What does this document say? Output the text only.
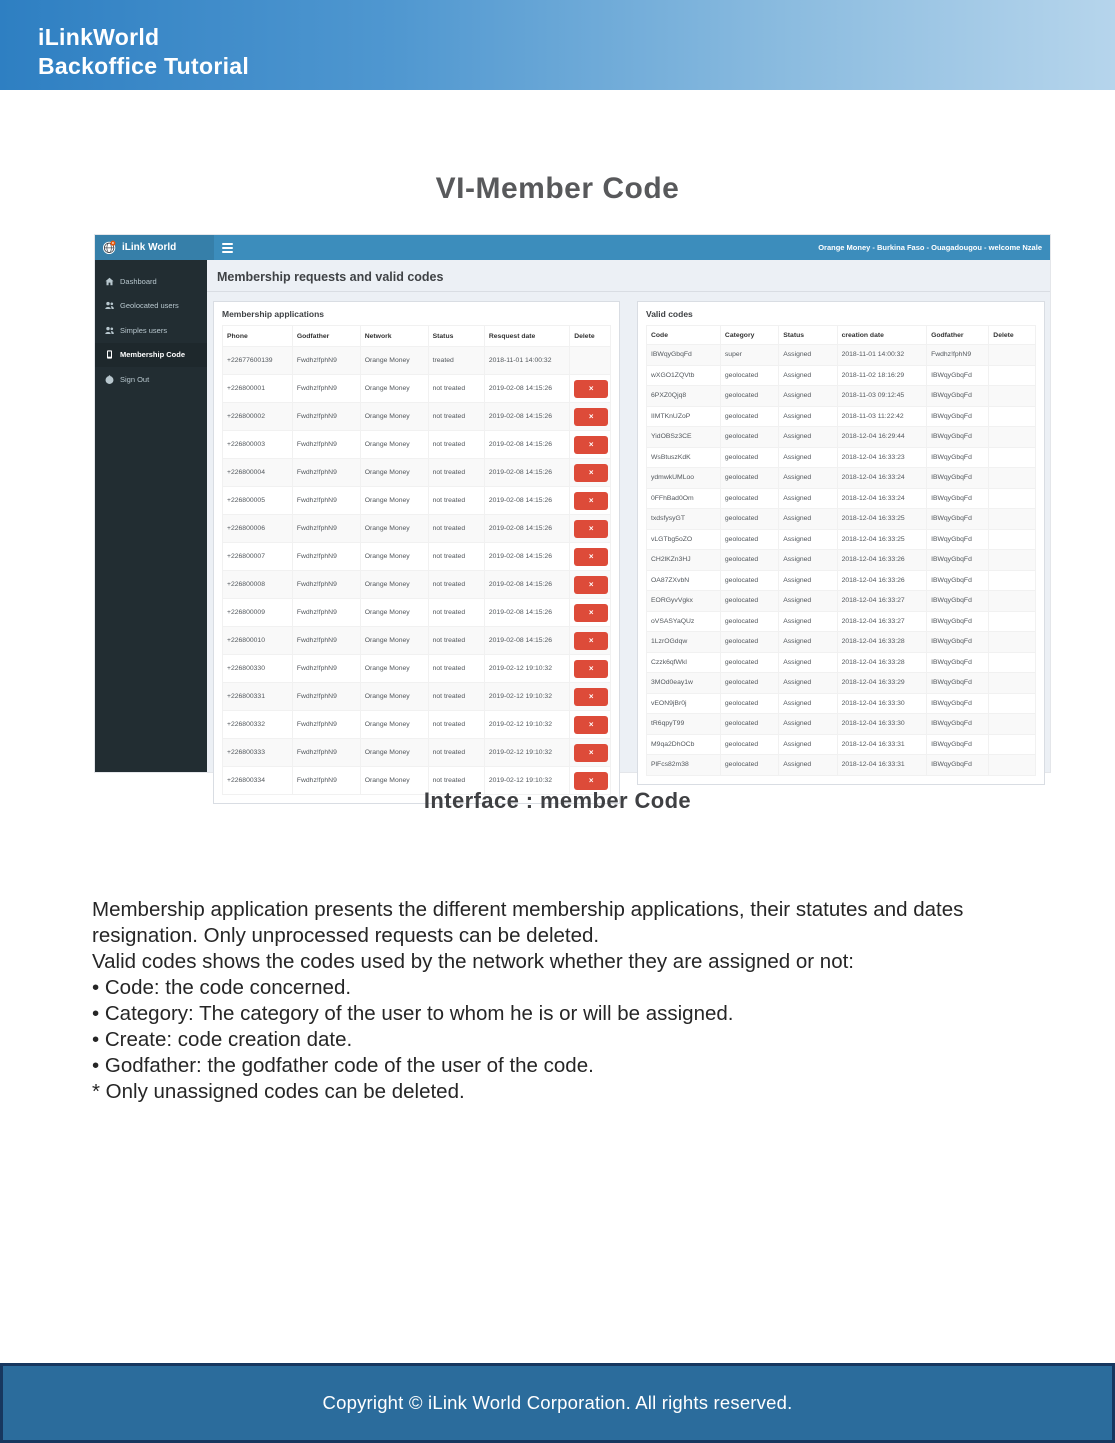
iLinkWorld
Backoffice Tutorial
VI-Member Code
iLink World	Orange Money - Burkina Faso - Ouagadougou - welcome Nzale
Dashboard
Geolocated users
Simples users
Membership Code
Sign Out
Membership requests and valid codes
Membership applications
Phone	Godfather	Network	Status	Resquest date	Delete
+22677600139	Fwdhz!fphN9	Orange Money	treated	2018-11-01 14:00:32	
+226800001	Fwdhz!fphN9	Orange Money	not treated	2019-02-08 14:15:26	×

+226800002	Fwdhz!fphN9	Orange Money	not treated	2019-02-08 14:15:26	×

+226800003	Fwdhz!fphN9	Orange Money	not treated	2019-02-08 14:15:26	×

+226800004	Fwdhz!fphN9	Orange Money	not treated	2019-02-08 14:15:26	×

+226800005	Fwdhz!fphN9	Orange Money	not treated	2019-02-08 14:15:26	×

+226800006	Fwdhz!fphN9	Orange Money	not treated	2019-02-08 14:15:26	×

+226800007	Fwdhz!fphN9	Orange Money	not treated	2019-02-08 14:15:26	×

+226800008	Fwdhz!fphN9	Orange Money	not treated	2019-02-08 14:15:26	×

+226800009	Fwdhz!fphN9	Orange Money	not treated	2019-02-08 14:15:26	×

+226800010	Fwdhz!fphN9	Orange Money	not treated	2019-02-08 14:15:26	×

+226800330	Fwdhz!fphN9	Orange Money	not treated	2019-02-12 19:10:32	×

+226800331	Fwdhz!fphN9	Orange Money	not treated	2019-02-12 19:10:32	×

+226800332	Fwdhz!fphN9	Orange Money	not treated	2019-02-12 19:10:32	×

+226800333	Fwdhz!fphN9	Orange Money	not treated	2019-02-12 19:10:32	×

+226800334	Fwdhz!fphN9	Orange Money	not treated	2019-02-12 19:10:32	×
Valid codes
Code	Category	Status	creation date	Godfather	Delete
IBWqyGbqFd	super	Assigned	2018-11-01 14:00:32	Fwdhz!fphN9	
wXGO1ZQVtb	geolocated	Assigned	2018-11-02 18:16:29	IBWqyGbqFd	
6PXZ0Qjq8	geolocated	Assigned	2018-11-03 09:12:45	IBWqyGbqFd	
IIMTKnUZoP	geolocated	Assigned	2018-11-03 11:22:42	IBWqyGbqFd	
YidOBSz3CE	geolocated	Assigned	2018-12-04 16:29:44	IBWqyGbqFd	
WsBtuszKdK	geolocated	Assigned	2018-12-04 16:33:23	IBWqyGbqFd	
ydmwkUMLoo	geolocated	Assigned	2018-12-04 16:33:24	IBWqyGbqFd	
0FFhBad0Om	geolocated	Assigned	2018-12-04 16:33:24	IBWqyGbqFd	
txdsfysyGT	geolocated	Assigned	2018-12-04 16:33:25	IBWqyGbqFd	
vLGTbg5oZO	geolocated	Assigned	2018-12-04 16:33:25	IBWqyGbqFd	
CH2lKZn3HJ	geolocated	Assigned	2018-12-04 16:33:26	IBWqyGbqFd	
OA87ZXvbN	geolocated	Assigned	2018-12-04 16:33:26	IBWqyGbqFd	
EORGyvVgkx	geolocated	Assigned	2018-12-04 16:33:27	IBWqyGbqFd	
oVSASYaQUz	geolocated	Assigned	2018-12-04 16:33:27	IBWqyGbqFd	
1LzrOGdqw	geolocated	Assigned	2018-12-04 16:33:28	IBWqyGbqFd	
Czzk6qfWkl	geolocated	Assigned	2018-12-04 16:33:28	IBWqyGbqFd	
3MOd0eay1w	geolocated	Assigned	2018-12-04 16:33:29	IBWqyGbqFd	
vEON9jBr0j	geolocated	Assigned	2018-12-04 16:33:30	IBWqyGbqFd	
tR6qpyT99	geolocated	Assigned	2018-12-04 16:33:30	IBWqyGbqFd	
M9qa2DhOCb	geolocated	Assigned	2018-12-04 16:33:31	IBWqyGbqFd	
PlFcs82m38	geolocated	Assigned	2018-12-04 16:33:31	IBWqyGbqFd	
Interface : member Code
Membership application presents the different membership applications, their statutes and dates resignation. Only unprocessed requests can be deleted.
Valid codes shows the codes used by the network whether they are assigned or not:
• Code: the code concerned.
• Category: The category of the user to whom he is or will be assigned.
• Create: code creation date.
• Godfather: the godfather code of the user of the code.
* Only unassigned codes can be deleted.
Copyright © iLink World Corporation. All rights reserved.
